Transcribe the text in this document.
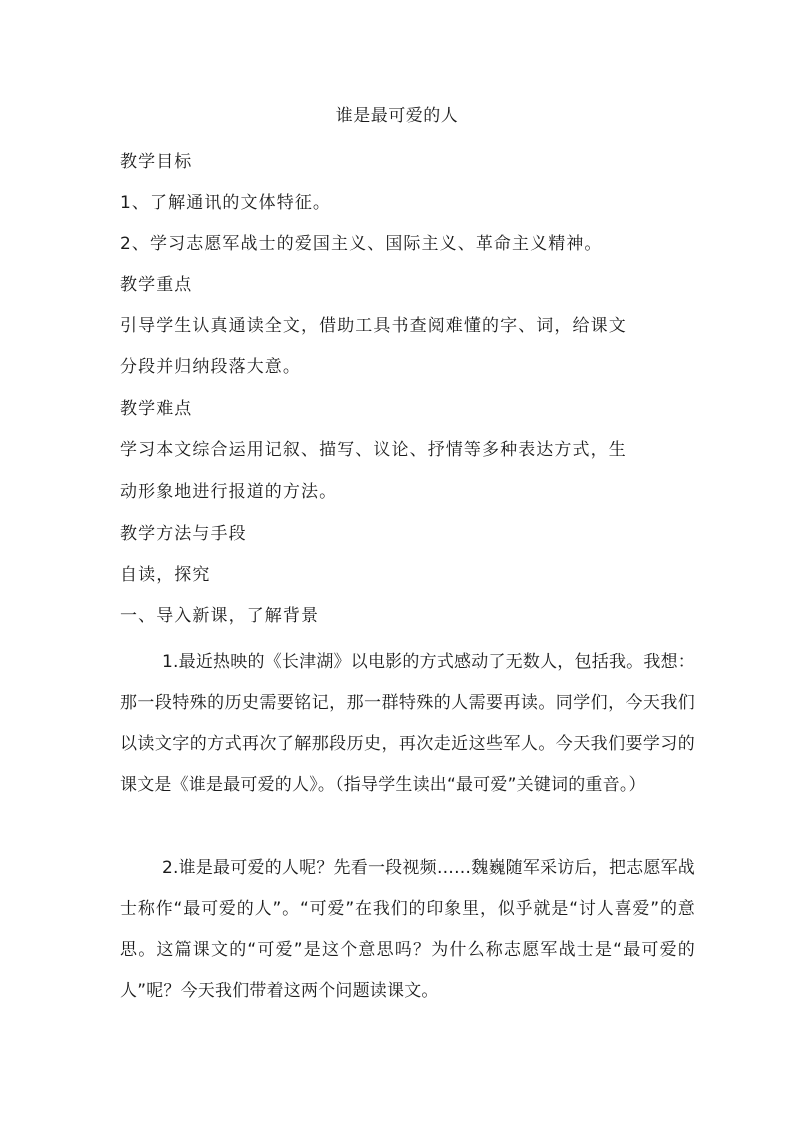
谁是最可爱的人
教学目标
1、了解通讯的文体特征。
2、学习志愿军战士的爱国主义、国际主义、革命主义精神。
教学重点
引导学生认真通读全文，借助工具书查阅难懂的字、词，给课文
分段并归纳段落大意。
教学难点
学习本文综合运用记叙、描写、议论、抒情等多种表达方式，生
动形象地进行报道的方法。
教学方法与手段
自读，探究
一、导入新课，了解背景
1.最近热映的《长津湖》以电影的方式感动了无数人，包括我。我想：那一段特殊的历史需要铭记，那一群特殊的人需要再读。同学们，今天我们以读文字的方式再次了解那段历史，再次走近这些军人。今天我们要学习的课文是《谁是最可爱的人》。（指导学生读出“最可爱”关键词的重音。）
2.谁是最可爱的人呢？先看一段视频……魏巍随军采访后，把志愿军战士称作“最可爱的人”。“可爱”在我们的印象里，似乎就是“讨人喜爱”的意思。这篇课文的“可爱”是这个意思吗？为什么称志愿军战士是“最可爱的人”呢？今天我们带着这两个问题读课文。
